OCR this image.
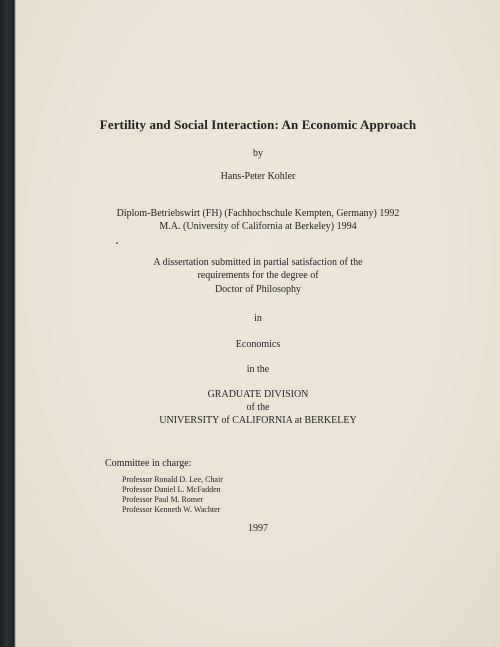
Fertility and Social Interaction: An Economic Approach
by
Hans-Peter Kohler
Diplom-Betriebswirt (FH) (Fachhochschule Kempten, Germany) 1992
M.A. (University of California at Berkeley) 1994
A dissertation submitted in partial satisfaction of the
requirements for the degree of
Doctor of Philosophy
in
Economics
in the
GRADUATE DIVISION
of the
UNIVERSITY of CALIFORNIA at BERKELEY
Committee in charge:
Professor Ronald D. Lee, Chair
Professor Daniel L. McFadden
Professor Paul M. Romer
Professor Kenneth W. Wachter
1997
